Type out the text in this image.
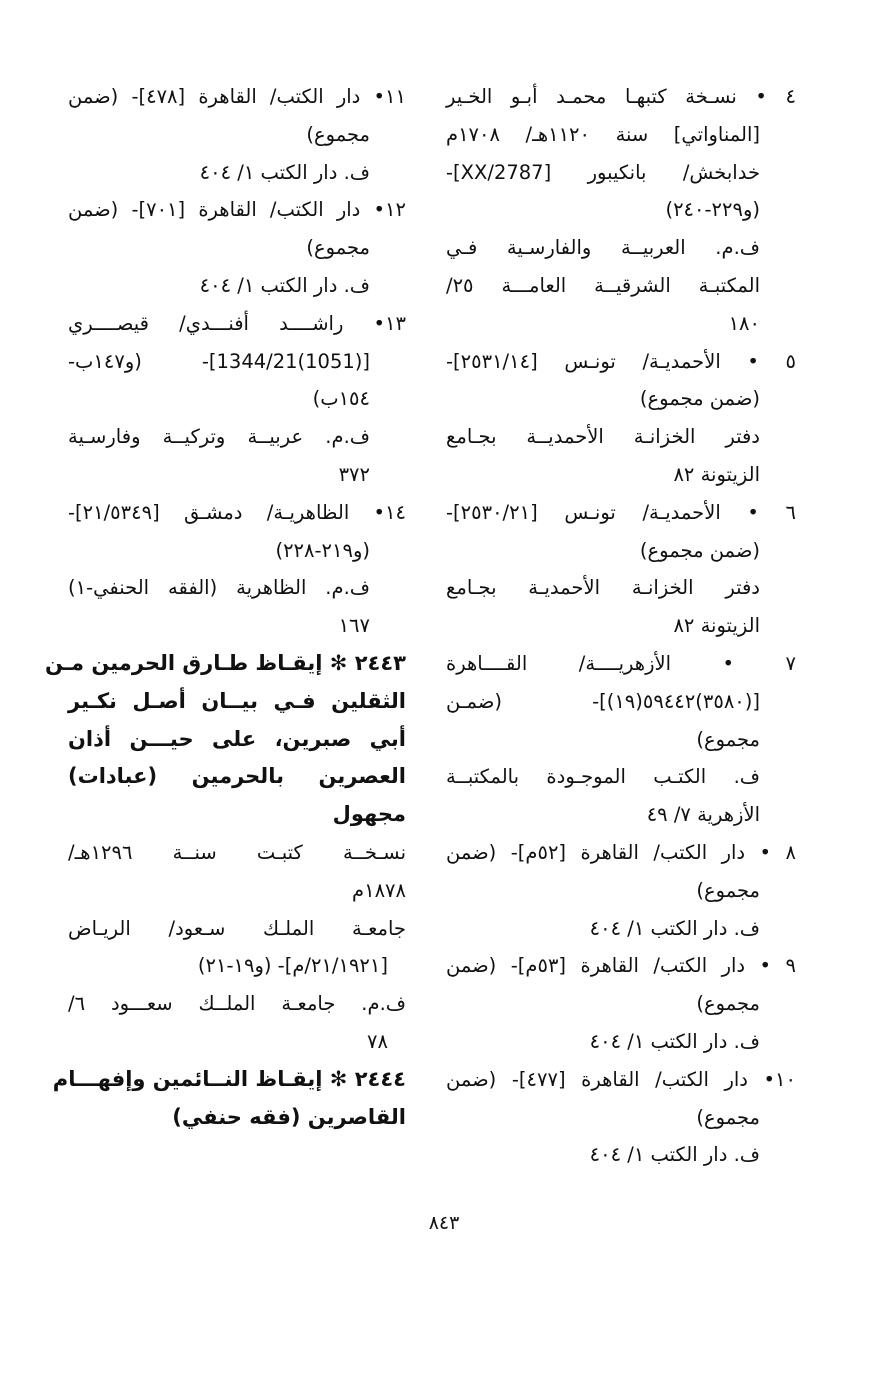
٤ • نسـخة كتبهـا محمـد أبـو الخـير
[المناواتي] سنة ١١٢٠هـ/ ١٧٠٨م
خدابخش/ بانكيبور [2787/XX]-
(و٢٢٩-٢٤٠)
ف.م. العربيــة والفارسـية فـي
المكتبـة الشرقيــة العامـــة ٢٥/
١٨٠
٥ • الأحمديـة/ تونـس [٢٥٣١/١٤]-
(ضمن مجموع)
دفتر الخزانـة الأحمديــة بجـامع
الزيتونة ٨٢
٦ • الأحمديـة/ تونـس [٢٥٣٠/٢١]-
(ضمن مجموع)
دفتر الخزانـة الأحمديـة بجـامع
الزيتونة ٨٢
٧ • الأزهريــــة/ القــــاهرة
[(٣٥٨٠)٥٩٤٤٢(١٩)]- (ضمـن
مجموع)
ف. الكتـب الموجـودة بالمكتبــة
الأزهرية ٧/ ٤٩
٨ • دار الكتب/ القاهرة [٥٢م]- (ضمن
مجموع)
ف. دار الكتب ١/ ٤٠٤
٩ • دار الكتب/ القاهرة [٥٣م]- (ضمن
مجموع)
ف. دار الكتب ١/ ٤٠٤
١٠• دار الكتب/ القاهرة [٤٧٧]- (ضمن
مجموع)
ف. دار الكتب ١/ ٤٠٤
١١• دار الكتب/ القاهرة [٤٧٨]- (ضمن
مجموع)
ف. دار الكتب ١/ ٤٠٤
١٢• دار الكتب/ القاهرة [٧٠١]- (ضمن
مجموع)
ف. دار الكتب ١/ ٤٠٤
١٣• راشــــد أفنـــدي/ قيصــــري
[(1051)1344/21]- (و١٤٧ب-
١٥٤ب)
ف.م. عربيــة وتركيــة وفارسـية
٣٧٢
١٤• الظاهريـة/ دمشـق [٢١/٥٣٤٩]-
(و٢١٩-٢٢٨)
ف.م. الظاهرية (الفقه الحنفي-١)
١٦٧
٢٤٤٣ ✻ إيقـاظ طـارق الحرمين مـن
الثقلين فـي بيــان أصـل نكـير
أبي صبرين، على حيـــن أذان
العصرين بالحرمين (عبادات)
مجهول
نسـخــة كتبـت سنــة ١٢٩٦هـ/
١٨٧٨م
جامعـة الملـك سـعود/ الريـاض
[٢١/١٩٢١/م]- (و١٩-٢١)
ف.م. جامعـة الملــك سعـــود ٦/
٧٨
٢٤٤٤ ✻ إيقـاظ النــائمين وإفهـــام
القاصرين (فقه حنفي)
٨٤٣
